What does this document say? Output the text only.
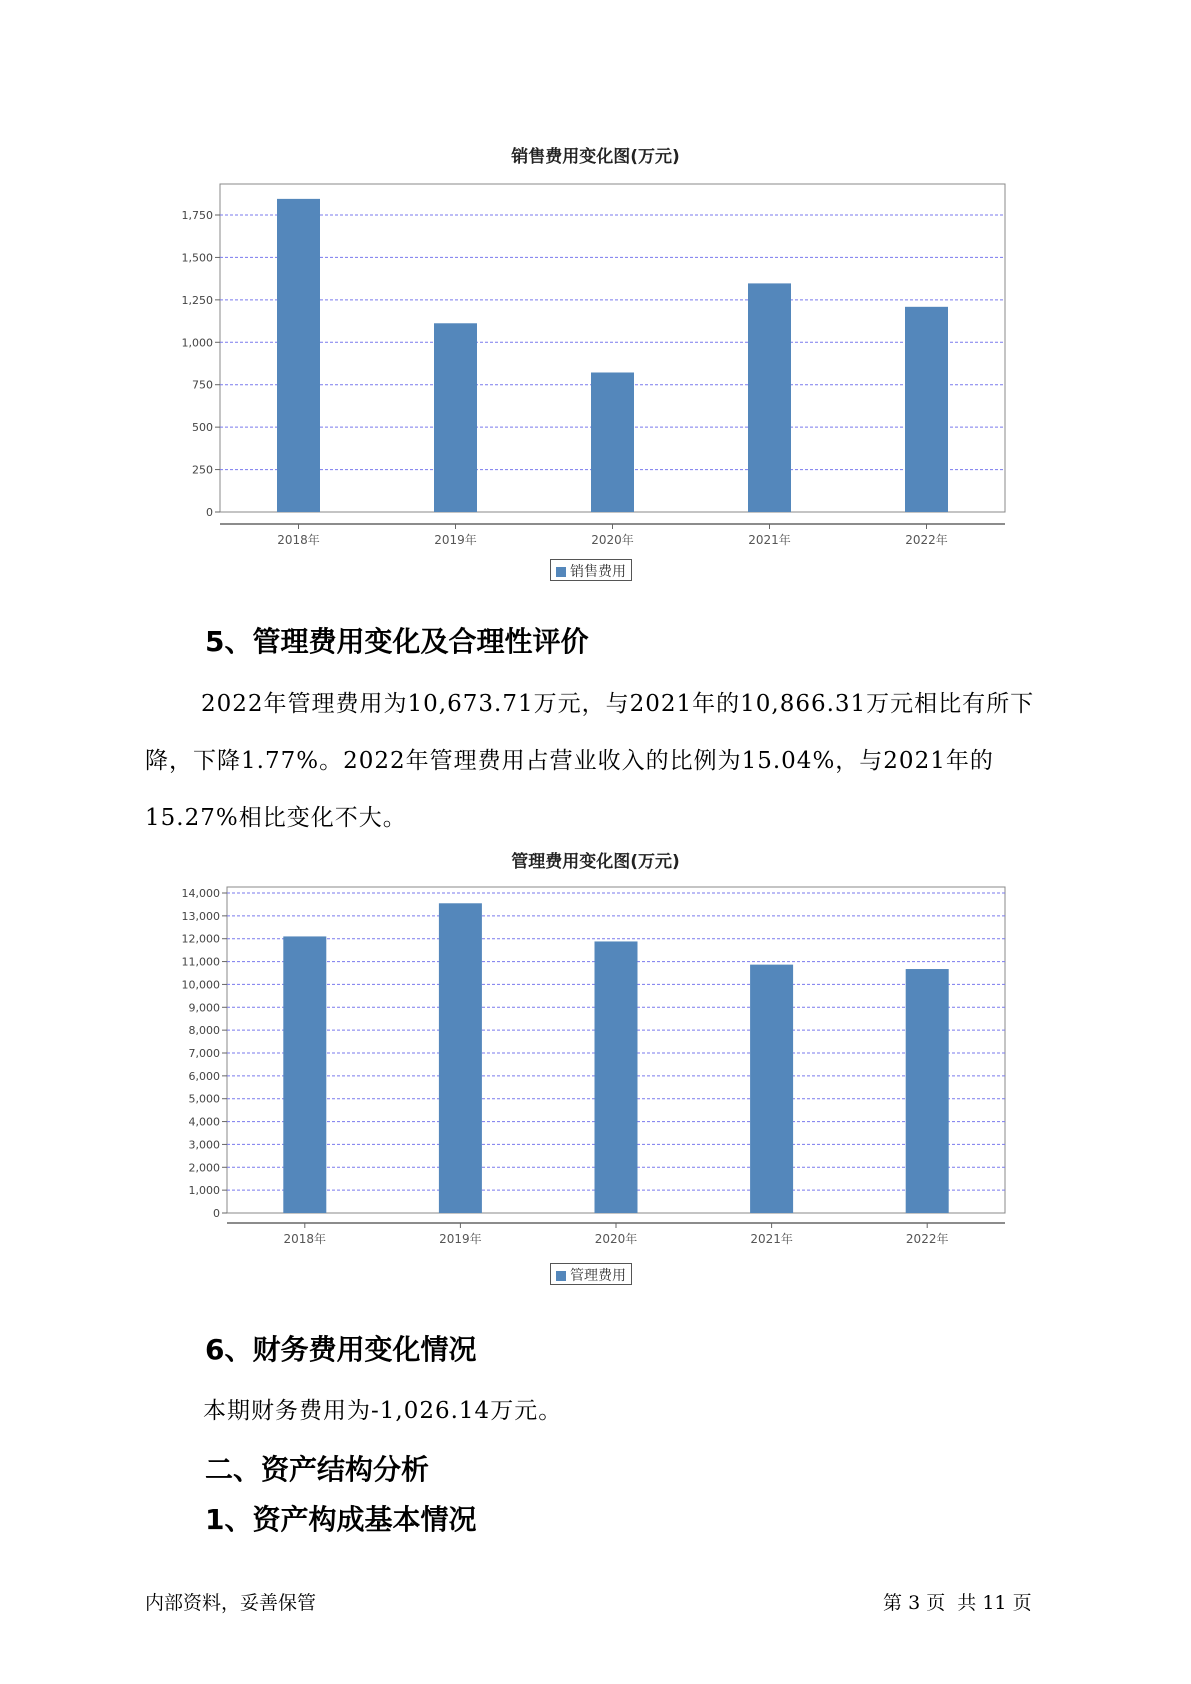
销售费用变化图(万元)
0
250
500
750
1,000
1,250
1,500
1,750
2018年	2019年	2020年	2021年	2022年
销售费用
5、管理费用变化及合理性评价
2022年管理费用为10,673.71万元，与2021年的10,866.31万元相比有所下降，下降1.77%。2022年管理费用占营业收入的比例为15.04%，与2021年的15.27%相比变化不大。
管理费用变化图(万元)
0
1,000
2,000
3,000
4,000
5,000
6,000
7,000
8,000
9,000
10,000
11,000
12,000
13,000
14,000
2018年	2019年	2020年	2021年	2022年
管理费用
6、财务费用变化情况
本期财务费用为-1,026.14万元。
二、资产结构分析
1、资产构成基本情况
内部资料，妥善保管	第 3 页  共 11 页
